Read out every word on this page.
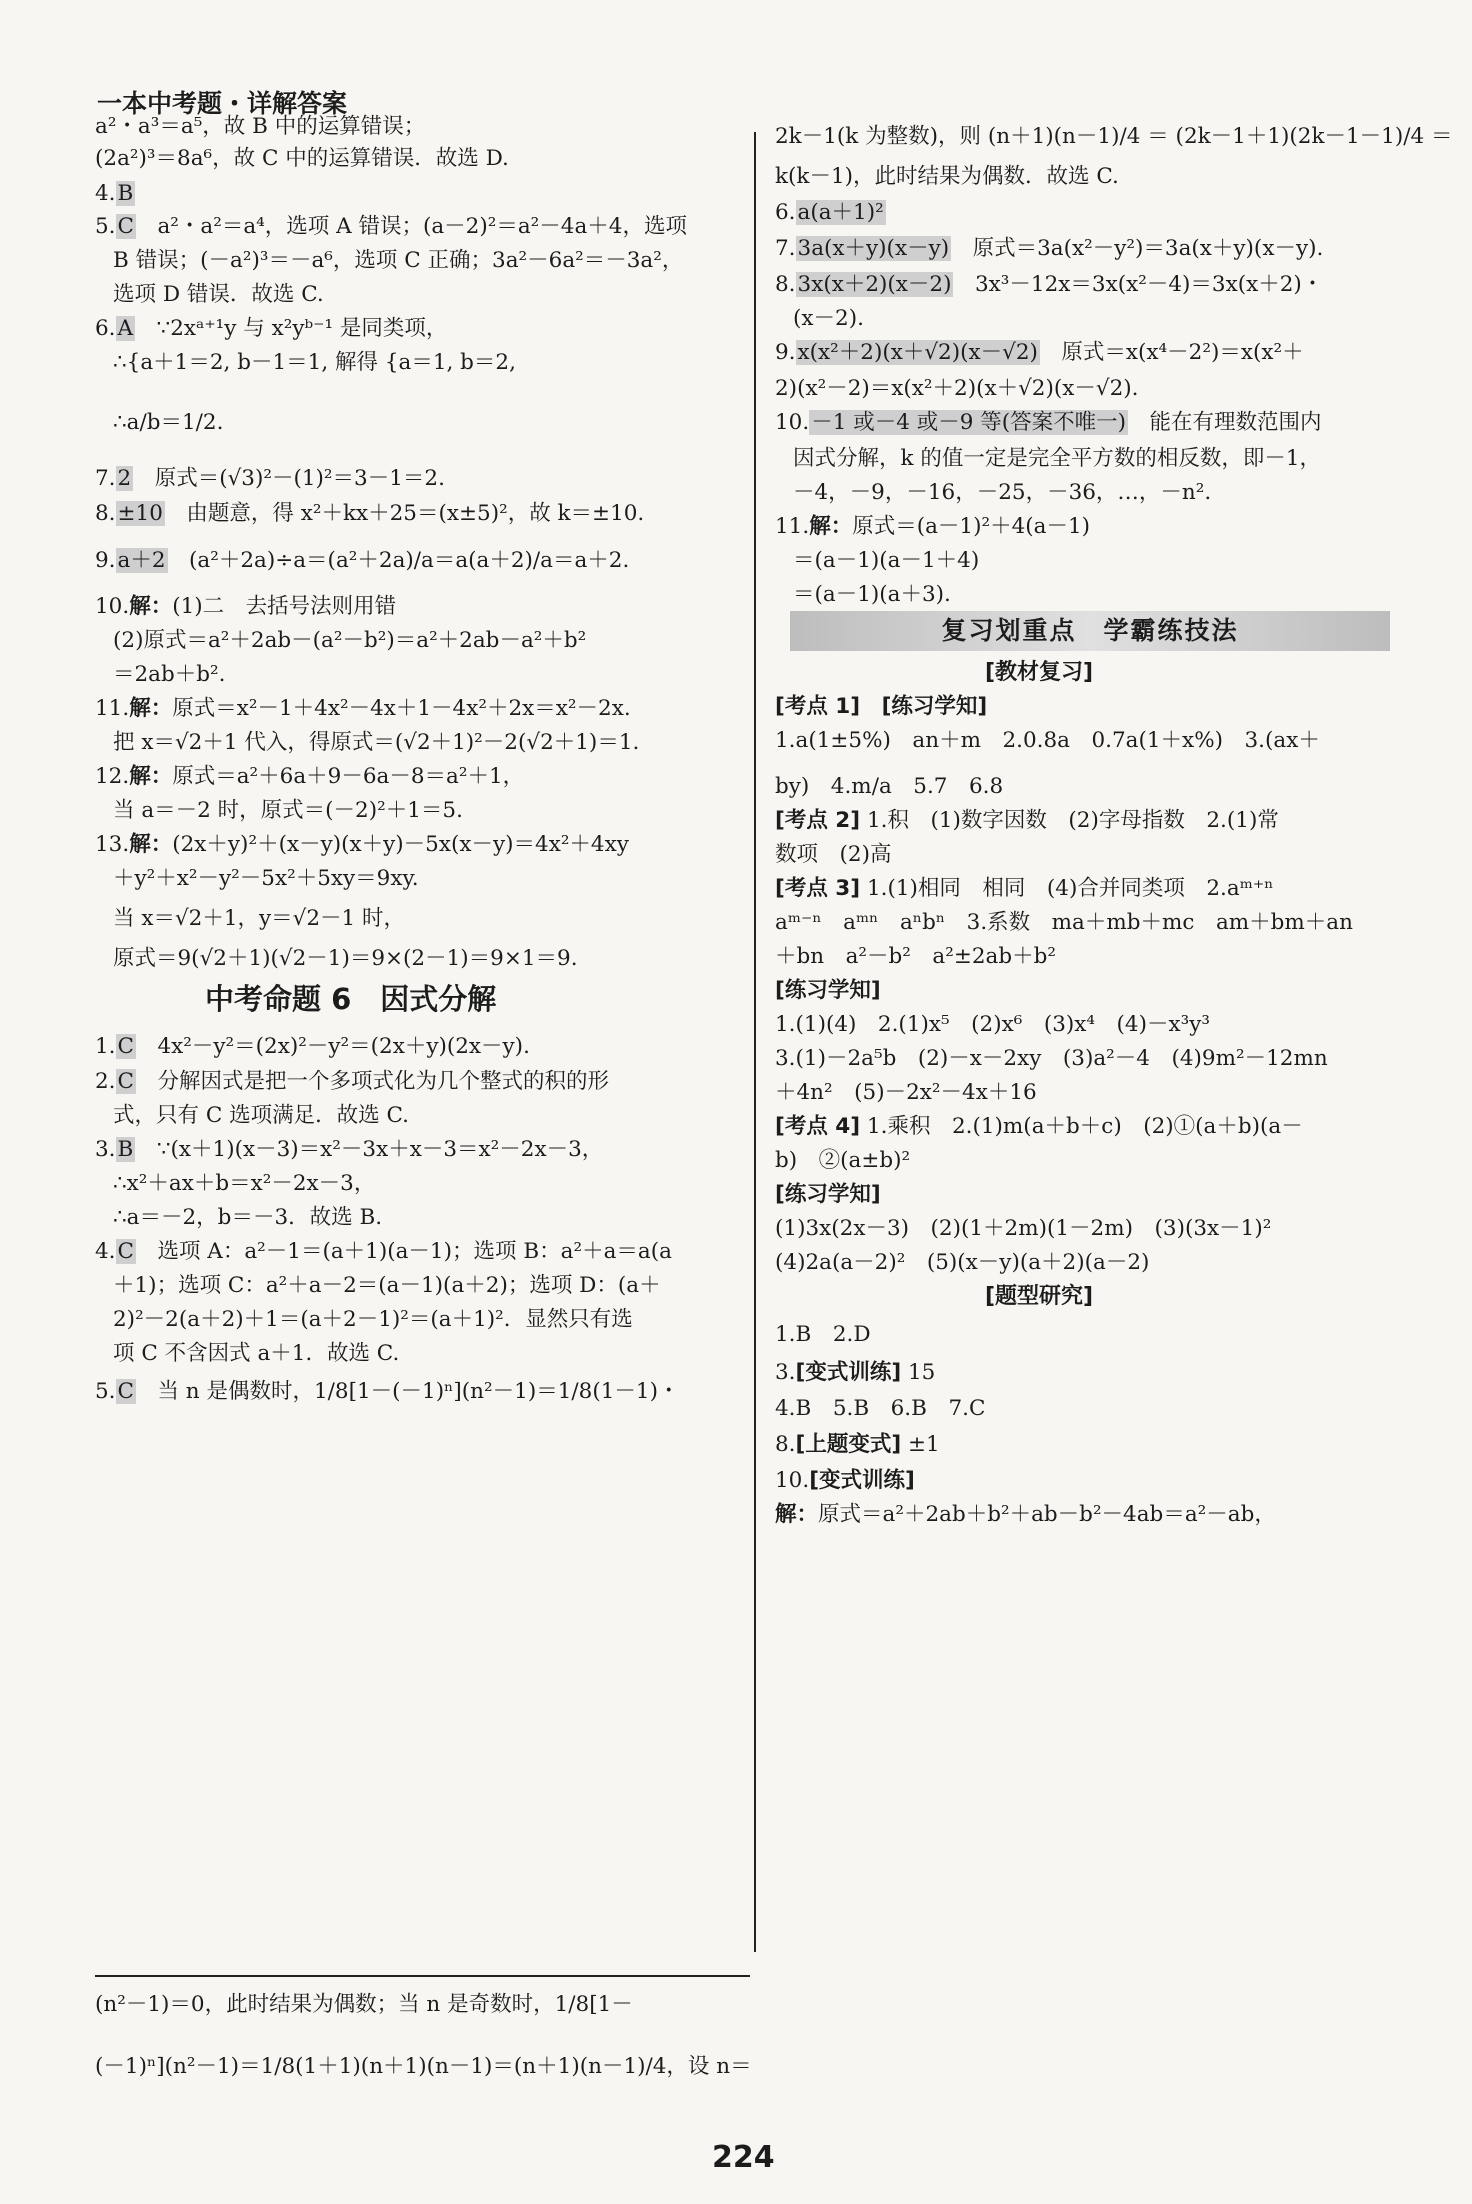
一本中考题・详解答案
a²・a³＝a⁵，故 B 中的运算错误；
(2a²)³＝8a⁶，故 C 中的运算错误．故选 D.
4.B
5.C a²・a²＝a⁴，选项 A 错误；(a－2)²＝a²－4a＋4，选项
B 错误；(－a²)³＝－a⁶，选项 C 正确；3a²－6a²＝－3a²，
选项 D 错误．故选 C.
6.A ∵2xᵃ⁺¹y 与 x²yᵇ⁻¹ 是同类项，
∴{a＋1＝2, b－1＝1, 解得 {a＝1, b＝2,
∴a/b＝1/2.
7.2 原式＝(√3)²－(1)²＝3－1＝2.
8.±10 由题意，得 x²＋kx＋25＝(x±5)²，故 k＝±10.
9.a＋2 (a²＋2a)÷a＝(a²＋2a)/a＝a(a＋2)/a＝a＋2.
10.解：(1)二　去括号法则用错
(2)原式＝a²＋2ab－(a²－b²)＝a²＋2ab－a²＋b²
＝2ab＋b².
11.解：原式＝x²－1＋4x²－4x＋1－4x²＋2x＝x²－2x.
把 x＝√2＋1 代入，得原式＝(√2＋1)²－2(√2＋1)＝1.
12.解：原式＝a²＋6a＋9－6a－8＝a²＋1，
当 a＝－2 时，原式＝(－2)²＋1＝5.
13.解：(2x＋y)²＋(x－y)(x＋y)－5x(x－y)＝4x²＋4xy
＋y²＋x²－y²－5x²＋5xy＝9xy.
当 x＝√2＋1，y＝√2－1 时，
原式＝9(√2＋1)(√2－1)＝9×(2－1)＝9×1＝9.
中考命题 6　因式分解
1.C 4x²－y²＝(2x)²－y²＝(2x＋y)(2x－y).
2.C 分解因式是把一个多项式化为几个整式的积的形
式，只有 C 选项满足．故选 C.
3.B ∵(x＋1)(x－3)＝x²－3x＋x－3＝x²－2x－3，
∴x²＋ax＋b＝x²－2x－3，
∴a＝－2，b＝－3．故选 B.
4.C 选项 A：a²－1＝(a＋1)(a－1)；选项 B：a²＋a＝a(a
＋1)；选项 C：a²＋a－2＝(a－1)(a＋2)；选项 D：(a＋
2)²－2(a＋2)＋1＝(a＋2－1)²＝(a＋1)²．显然只有选
项 C 不含因式 a＋1．故选 C.
5.C 当 n 是偶数时，1/8[1－(－1)ⁿ](n²－1)＝1/8(1－1)・
2k－1(k 为整数)，则 (n＋1)(n－1)/4 ＝ (2k－1＋1)(2k－1－1)/4 ＝
k(k－1)，此时结果为偶数．故选 C.
6.a(a＋1)²
7.3a(x＋y)(x－y) 原式＝3a(x²－y²)＝3a(x＋y)(x－y).
8.3x(x＋2)(x－2) 3x³－12x＝3x(x²－4)＝3x(x＋2)・
(x－2).
9.x(x²＋2)(x＋√2)(x－√2) 原式＝x(x⁴－2²)＝x(x²＋
2)(x²－2)＝x(x²＋2)(x＋√2)(x－√2).
10.－1 或－4 或－9 等(答案不唯一) 能在有理数范围内
因式分解，k 的值一定是完全平方数的相反数，即－1，
－4，－9，－16，－25，－36，…，－n².
11.解：原式＝(a－1)²＋4(a－1)
＝(a－1)(a－1＋4)
＝(a－1)(a＋3).
复习划重点　学霸练技法
[教材复习]
[考点 1]　[练习学知]
1.a(1±5%)　an＋m　2.0.8a　0.7a(1＋x%)　3.(ax＋
by)　4.m/a　5.7　6.8
[考点 2] 1.积　(1)数字因数　(2)字母指数　2.(1)常
数项　(2)高
[考点 3] 1.(1)相同　相同　(4)合并同类项　2.aᵐ⁺ⁿ
aᵐ⁻ⁿ　aᵐⁿ　aⁿbⁿ　3.系数　ma＋mb＋mc　am＋bm＋an
＋bn　a²－b²　a²±2ab＋b²
[练习学知]
1.(1)(4)　2.(1)x⁵　(2)x⁶　(3)x⁴　(4)－x³y³
3.(1)－2a⁵b　(2)－x－2xy　(3)a²－4　(4)9m²－12mn
＋4n²　(5)－2x²－4x＋16
[考点 4] 1.乘积　2.(1)m(a＋b＋c)　(2)①(a＋b)(a－
b)　②(a±b)²
[练习学知]
(1)3x(2x－3)　(2)(1＋2m)(1－2m)　(3)(3x－1)²
(4)2a(a－2)²　(5)(x－y)(a＋2)(a－2)
[题型研究]
1.B　2.D
3.[变式训练] 15
4.B　5.B　6.B　7.C
8.[上题变式] ±1
10.[变式训练]
解：原式＝a²＋2ab＋b²＋ab－b²－4ab＝a²－ab，
(n²－1)＝0，此时结果为偶数；当 n 是奇数时，1/8[1－
(－1)ⁿ](n²－1)＝1/8(1＋1)(n＋1)(n－1)＝(n＋1)(n－1)/4，设 n＝
224
